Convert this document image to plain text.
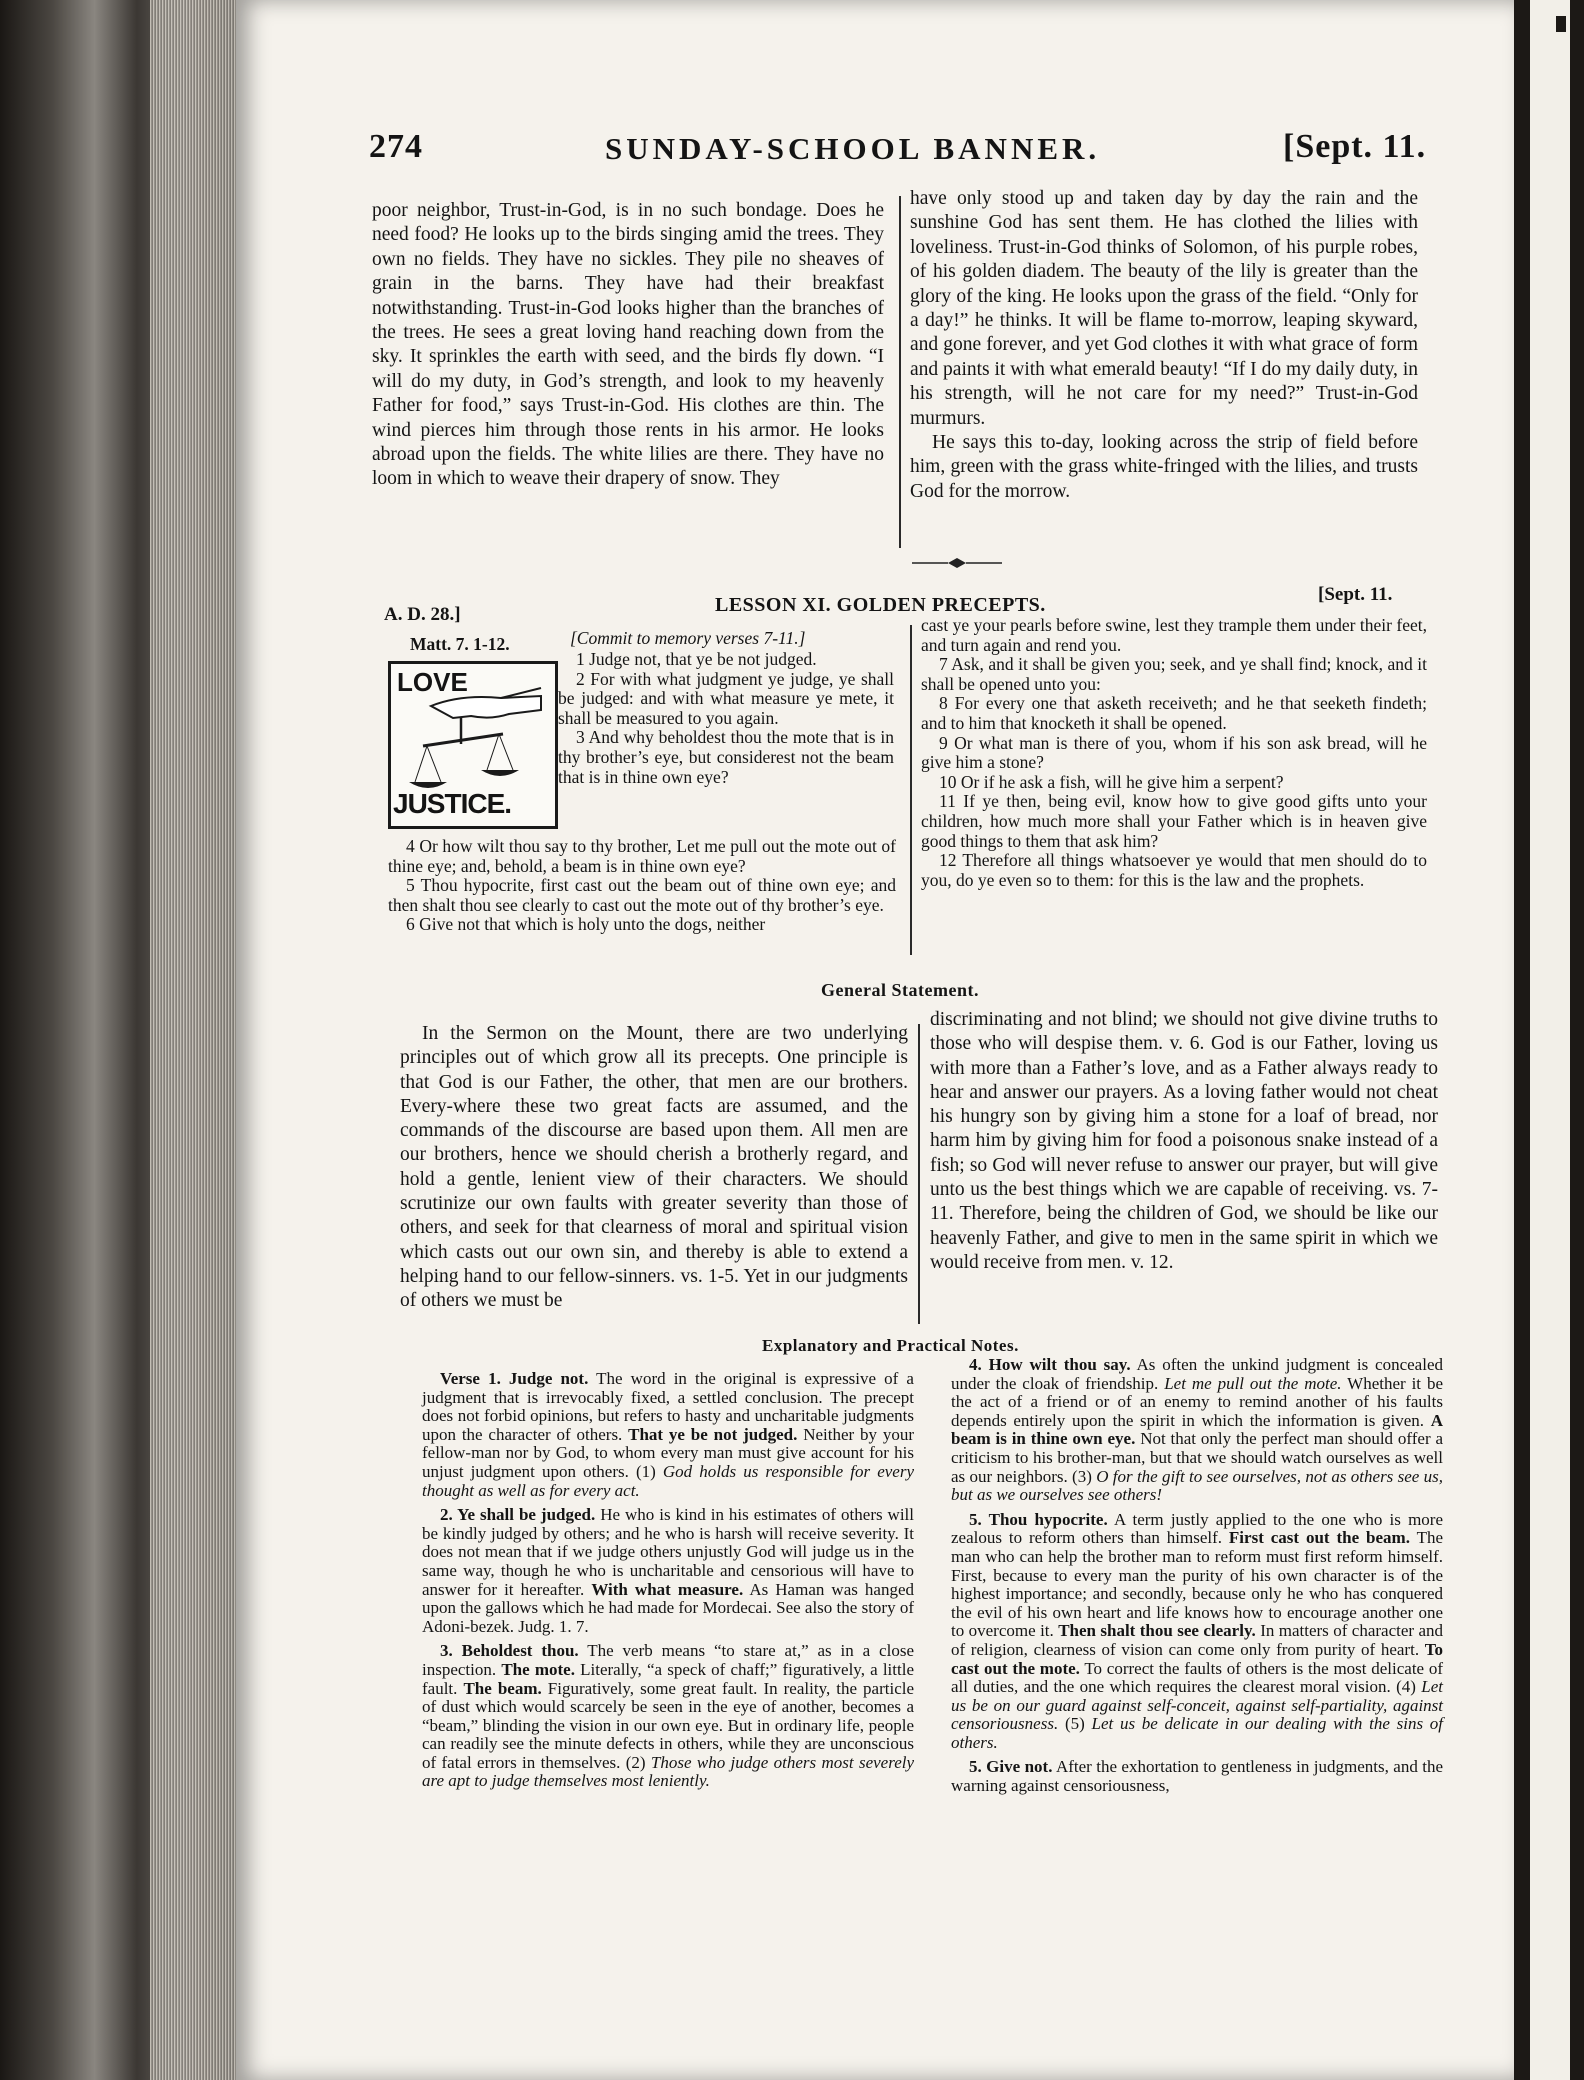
274	SUNDAY-SCHOOL BANNER.	[Sept. 11.

poor neighbor, Trust-in-God, is in no such bondage. Does he need food? He looks up to the birds singing amid the trees. They own no fields. They have no sickles. They pile no sheaves of grain in the barns. They have had their breakfast notwithstanding. Trust-in-God looks higher than the branches of the trees. He sees a great loving hand reaching down from the sky. It sprinkles the earth with seed, and the birds fly down. “I will do my duty, in God’s strength, and look to my heavenly Father for food,” says Trust-in-God. His clothes are thin. The wind pierces him through those rents in his armor. He looks abroad upon the fields. The white lilies are there. They have no loom in which to weave their drapery of snow. They

have only stood up and taken day by day the rain and the sunshine God has sent them. He has clothed the lilies with loveliness. Trust-in-God thinks of Solomon, of his purple robes, of his golden diadem. The beauty of the lily is greater than the glory of the king. He looks upon the grass of the field. “Only for a day!” he thinks. It will be flame to-morrow, leaping skyward, and gone forever, and yet God clothes it with what grace of form and paints it with what emerald beauty! “If I do my daily duty, in his strength, will he not care for my need?” Trust-in-God murmurs.

He says this to-day, looking across the strip of field before him, green with the grass white-fringed with the lilies, and trusts God for the morrow.

A. D. 28.]	LESSON XI. GOLDEN PRECEPTS.	[Sept. 11.
Matt. 7. 1-12.	[Commit to memory verses 7-11.]
LOVE
JUSTICE.

1 Judge not, that ye be not judged.

2 For with what judgment ye judge, ye shall be judged: and with what measure ye mete, it shall be measured to you again.

3 And why beholdest thou the mote that is in thy brother’s eye, but considerest not the beam that is in thine own eye?

4 Or how wilt thou say to thy brother, Let me pull out the mote out of thine eye; and, behold, a beam is in thine own eye?

5 Thou hypocrite, first cast out the beam out of thine own eye; and then shalt thou see clearly to cast out the mote out of thy brother’s eye.

6 Give not that which is holy unto the dogs, neither

cast ye your pearls before swine, lest they trample them under their feet, and turn again and rend you.

7 Ask, and it shall be given you; seek, and ye shall find; knock, and it shall be opened unto you:

8 For every one that asketh receiveth; and he that seeketh findeth; and to him that knocketh it shall be opened.

9 Or what man is there of you, whom if his son ask bread, will he give him a stone?

10 Or if he ask a fish, will he give him a serpent?

11 If ye then, being evil, know how to give good gifts unto your children, how much more shall your Father which is in heaven give good things to them that ask him?

12 Therefore all things whatsoever ye would that men should do to you, do ye even so to them: for this is the law and the prophets.

General Statement.

In the Sermon on the Mount, there are two underlying principles out of which grow all its precepts. One principle is that God is our Father, the other, that men are our brothers. Every-where these two great facts are assumed, and the commands of the discourse are based upon them. All men are our brothers, hence we should cherish a brotherly regard, and hold a gentle, lenient view of their characters. We should scrutinize our own faults with greater severity than those of others, and seek for that clearness of moral and spiritual vision which casts out our own sin, and thereby is able to extend a helping hand to our fellow-sinners. vs. 1-5. Yet in our judgments of others we must be

discriminating and not blind; we should not give divine truths to those who will despise them. v. 6. God is our Father, loving us with more than a Father’s love, and as a Father always ready to hear and answer our prayers. As a loving father would not cheat his hungry son by giving him a stone for a loaf of bread, nor harm him by giving him for food a poisonous snake instead of a fish; so God will never refuse to answer our prayer, but will give unto us the best things which we are capable of receiving. vs. 7-11. Therefore, being the children of God, we should be like our heavenly Father, and give to men in the same spirit in which we would receive from men. v. 12.

Explanatory and Practical Notes.

Verse 1. Judge not. The word in the original is expressive of a judgment that is irrevocably fixed, a settled conclusion. The precept does not forbid opinions, but refers to hasty and uncharitable judgments upon the character of others. That ye be not judged. Neither by your fellow-man nor by God, to whom every man must give account for his unjust judgment upon others. (1) God holds us responsible for every thought as well as for every act.

2. Ye shall be judged. He who is kind in his estimates of others will be kindly judged by others; and he who is harsh will receive severity. It does not mean that if we judge others unjustly God will judge us in the same way, though he who is uncharitable and censorious will have to answer for it hereafter. With what measure. As Haman was hanged upon the gallows which he had made for Mordecai. See also the story of Adoni-bezek. Judg. 1. 7.

3. Beholdest thou. The verb means “to stare at,” as in a close inspection. The mote. Literally, “a speck of chaff;” figuratively, a little fault. The beam. Figuratively, some great fault. In reality, the particle of dust which would scarcely be seen in the eye of another, becomes a “beam,” blinding the vision in our own eye. But in ordinary life, people can readily see the minute defects in others, while they are unconscious of fatal errors in themselves. (2) Those who judge others most severely are apt to judge themselves most leniently.

4. How wilt thou say. As often the unkind judgment is concealed under the cloak of friendship. Let me pull out the mote. Whether it be the act of a friend or of an enemy to remind another of his faults depends entirely upon the spirit in which the information is given. A beam is in thine own eye. Not that only the perfect man should offer a criticism to his brother-man, but that we should watch ourselves as well as our neighbors. (3) O for the gift to see ourselves, not as others see us, but as we ourselves see others!

5. Thou hypocrite. A term justly applied to the one who is more zealous to reform others than himself. First cast out the beam. The man who can help the brother man to reform must first reform himself. First, because to every man the purity of his own character is of the highest importance; and secondly, because only he who has conquered the evil of his own heart and life knows how to encourage another one to overcome it. Then shalt thou see clearly. In matters of character and of religion, clearness of vision can come only from purity of heart. To cast out the mote. To correct the faults of others is the most delicate of all duties, and the one which requires the clearest moral vision. (4) Let us be on our guard against self-conceit, against self-partiality, against censoriousness. (5) Let us be delicate in our dealing with the sins of others.

5. Give not. After the exhortation to gentleness in judgments, and the warning against censoriousness,
